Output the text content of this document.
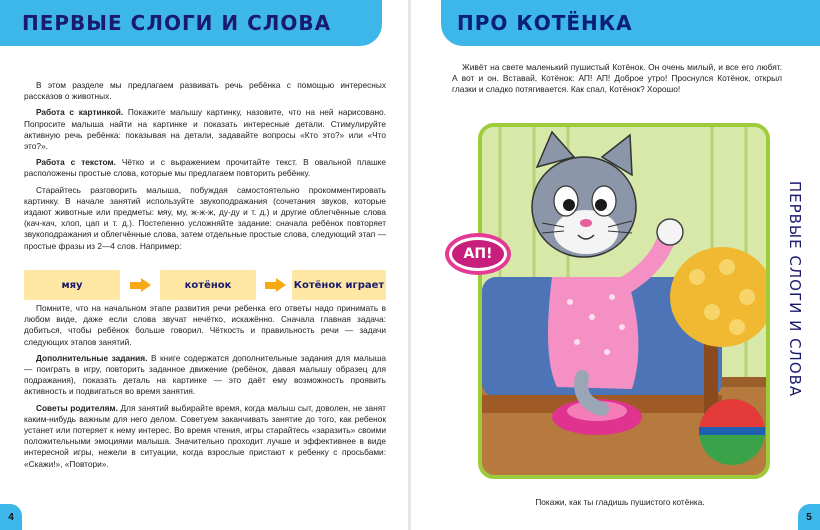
ПЕРВЫЕ СЛОГИ И СЛОВА

В этом разделе мы предлагаем развивать речь ребёнка с помощью интересных рассказов о животных.

Работа с картинкой. Покажите малышу картинку, назовите, что на ней нарисовано. Попросите малыша найти на картинке и показать интересные детали. Стимулируйте активную речь ребёнка: показывая на детали, задавайте вопросы «Кто это?» или «Что это?».

Работа с текстом. Чётко и с выражением прочитайте текст. В овальной плашке расположены простые слова, которые мы предлагаем повторить ребёнку.

Старайтесь разговорить малыша, побуждая самостоятельно прокомментировать картинку. В начале занятий используйте звукоподражания (сочетания звуков, которые издают животные или предметы: мяу, му, ж-ж-ж, ду-ду и т. д.) и другие облегчённые слова (кач-кач, хлоп, цап и т. д.). Постепенно усложняйте задание: сначала ребёнок повторяет звукоподражания и облегчённые слова, затем отдельные простые слова, следующий этап — простые фразы из 2—4 слов. Например:

мяу	котёнок	Котёнок играет

Помните, что на начальном этапе развития речи ребенка его ответы надо принимать в любом виде, даже если слова звучат нечётко, искажённо. Сначала главная задача: добиться, чтобы ребёнок больше говорил. Чёткость и правильность речи — задачи следующих этапов занятий.

Дополнительные задания. В книге содержатся дополнительные задания для малыша — поиграть в игру, повторить заданное движение (ребёнок, давая малышу образец для подражания), показать деталь на картинке — это даёт ему возможность проявить активность и подвигаться во время занятия.

Советы родителям. Для занятий выбирайте время, когда малыш сыт, доволен, не занят каким-нибудь важным для него делом. Советуем заканчивать занятие до того, как ребенок устанет или потеряет к нему интерес. Во время чтения, игры старайтесь «заразить» своими положительными эмоциями малыша. Значительно проходит лучше и эффективнее в виде интересной игры, нежели в ситуации, когда взрослые пристают к ребенку с просьбами: «Скажи!», «Повтори».

4
ПРО КОТЁНКА
Живёт на свете маленький пушистый Котёнок. Он очень милый, и все его любят. А вот и он. Вставай, Котёнок: АП! АП! Доброе утро! Проснулся Котёнок, открыл глазки и сладко потягивается. Как спал, Котёнок? Хорошо!
АП!	ПЕРВЫЕ СЛОГИ И СЛОВА
Покажи, как ты гладишь пушистого котёнка.
5
